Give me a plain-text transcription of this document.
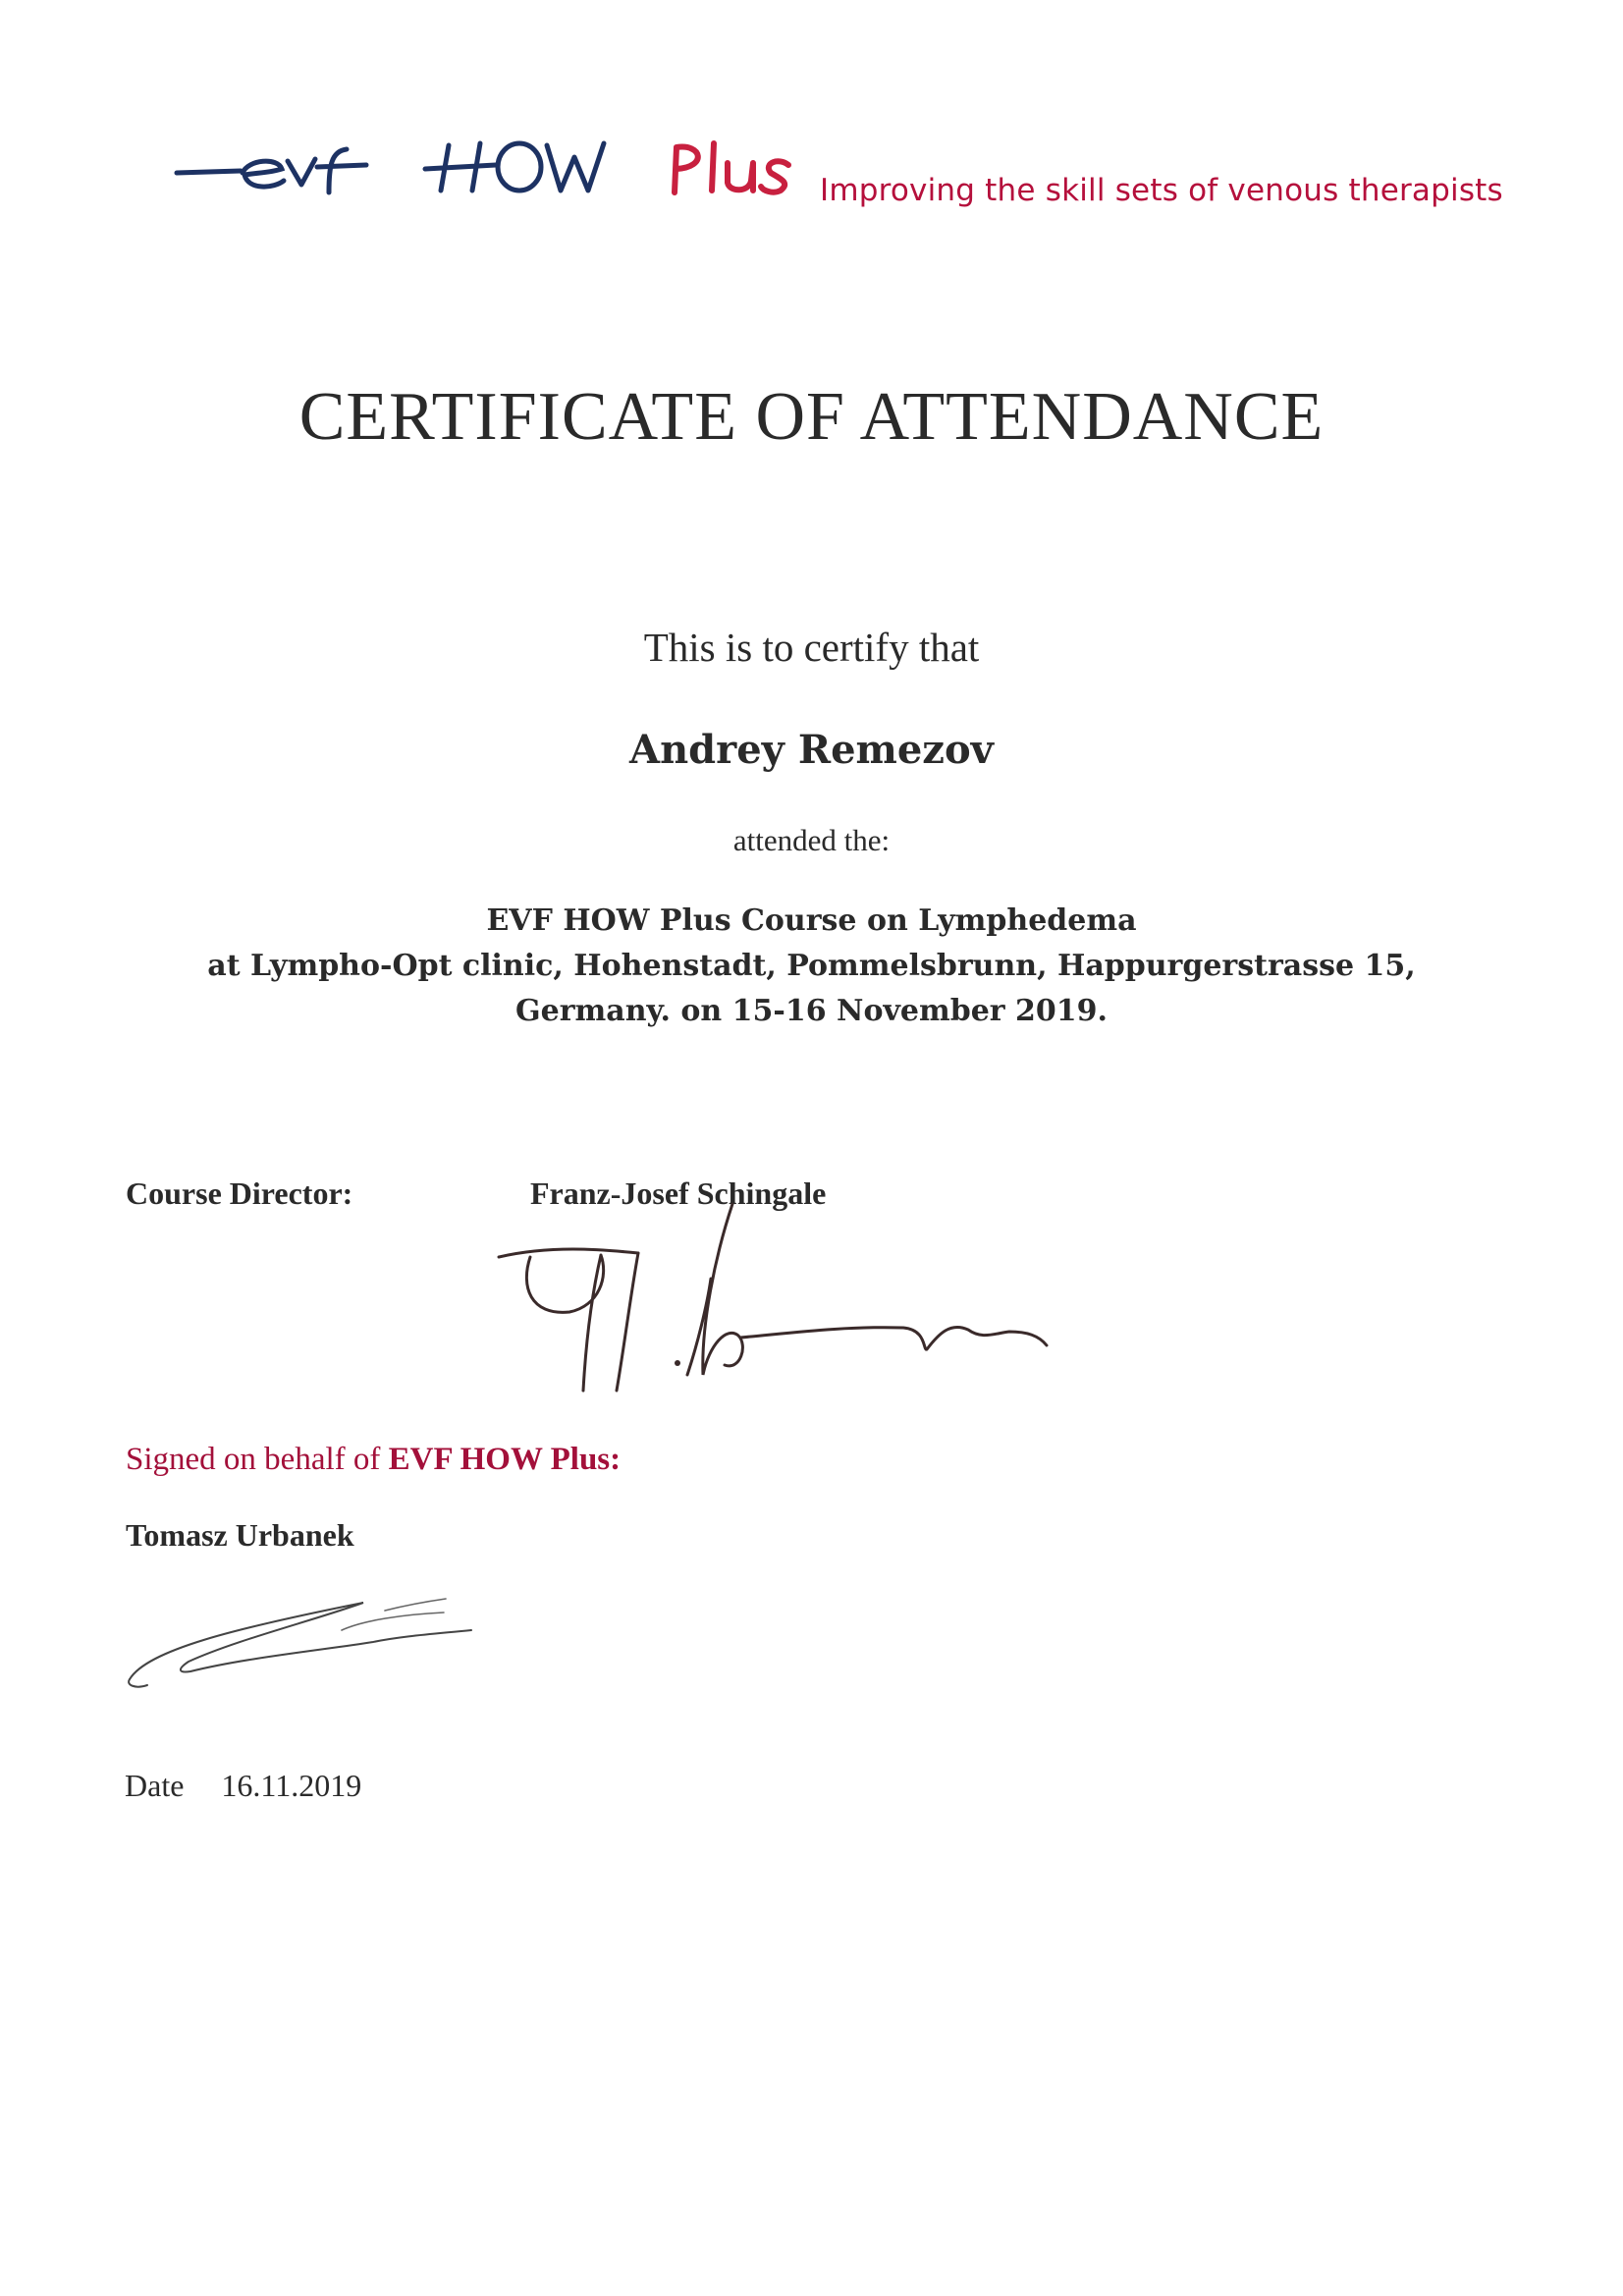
Improving the skill sets of venous therapists
CERTIFICATE OF ATTENDANCE
This is to certify that
Andrey Remezov
attended the:
EVF HOW Plus Course on Lymphedema
at Lympho-Opt clinic, Hohenstadt, Pommelsbrunn, Happurgerstrasse 15,
Germany. on 15-16 November 2019.
Course Director:	Franz-Josef Schingale
Signed on behalf of EVF HOW Plus:
Tomasz Urbanek
Date 16.11.2019
